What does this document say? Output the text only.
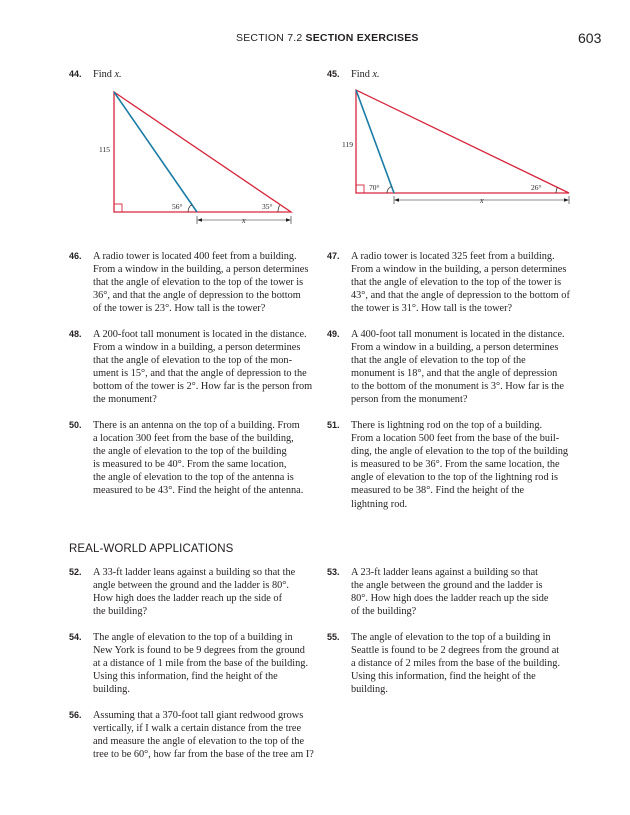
SECTION 7.2 SECTION EXERCISES	603
44. Find x.
115
56°	35°
x
119
70°	26°
x
45. Find x.
46. A radio tower is located 400 feet from a building.

From a window in the building, a person determines

that the angle of elevation to the top of the tower is

36°, and that the angle of depression to the bottom

of the tower is 23°. How tall is the tower?

47. A radio tower is located 325 feet from a building.

From a window in the building, a person determines

that the angle of elevation to the top of the tower is

43°, and that the angle of depression to the bottom of

the tower is 31°. How tall is the tower?

48. A 200-foot tall monument is located in the distance.

From a window in a building, a person determines

that the angle of elevation to the top of the mon-

ument is 15°, and that the angle of depression to the

bottom of the tower is 2°. How far is the person from

the monument?

49. A 400-foot tall monument is located in the distance.

From a window in a building, a person determines

that the angle of elevation to the top of the

monument is 18°, and that the angle of depression

to the bottom of the monument is 3°. How far is the

person from the monument?

50. There is an antenna on the top of a building. From

a location 300 feet from the base of the building,

the angle of elevation to the top of the building

is measured to be 40°. From the same location,

the angle of elevation to the top of the antenna is

measured to be 43°. Find the height of the antenna.

51. There is lightning rod on the top of a building.

From a location 500 feet from the base of the buil-

ding, the angle of elevation to the top of the building

is measured to be 36°. From the same location, the

angle of elevation to the top of the lightning rod is

measured to be 38°. Find the height of the

lightning rod.

REAL-WORLD APPLICATIONS
52. A 33-ft ladder leans against a building so that the

angle between the ground and the ladder is 80°.

How high does the ladder reach up the side of

the building?

53. A 23-ft ladder leans against a building so that

the angle between the ground and the ladder is

80°. How high does the ladder reach up the side

of the building?

54. The angle of elevation to the top of a building in

New York is found to be 9 degrees from the ground

at a distance of 1 mile from the base of the building.

Using this information, find the height of the

building.

55. The angle of elevation to the top of a building in

Seattle is found to be 2 degrees from the ground at

a distance of 2 miles from the base of the building.

Using this information, find the height of the

building.

56. Assuming that a 370-foot tall giant redwood grows

vertically, if I walk a certain distance from the tree

and measure the angle of elevation to the top of the

tree to be 60°, how far from the base of the tree am I?
